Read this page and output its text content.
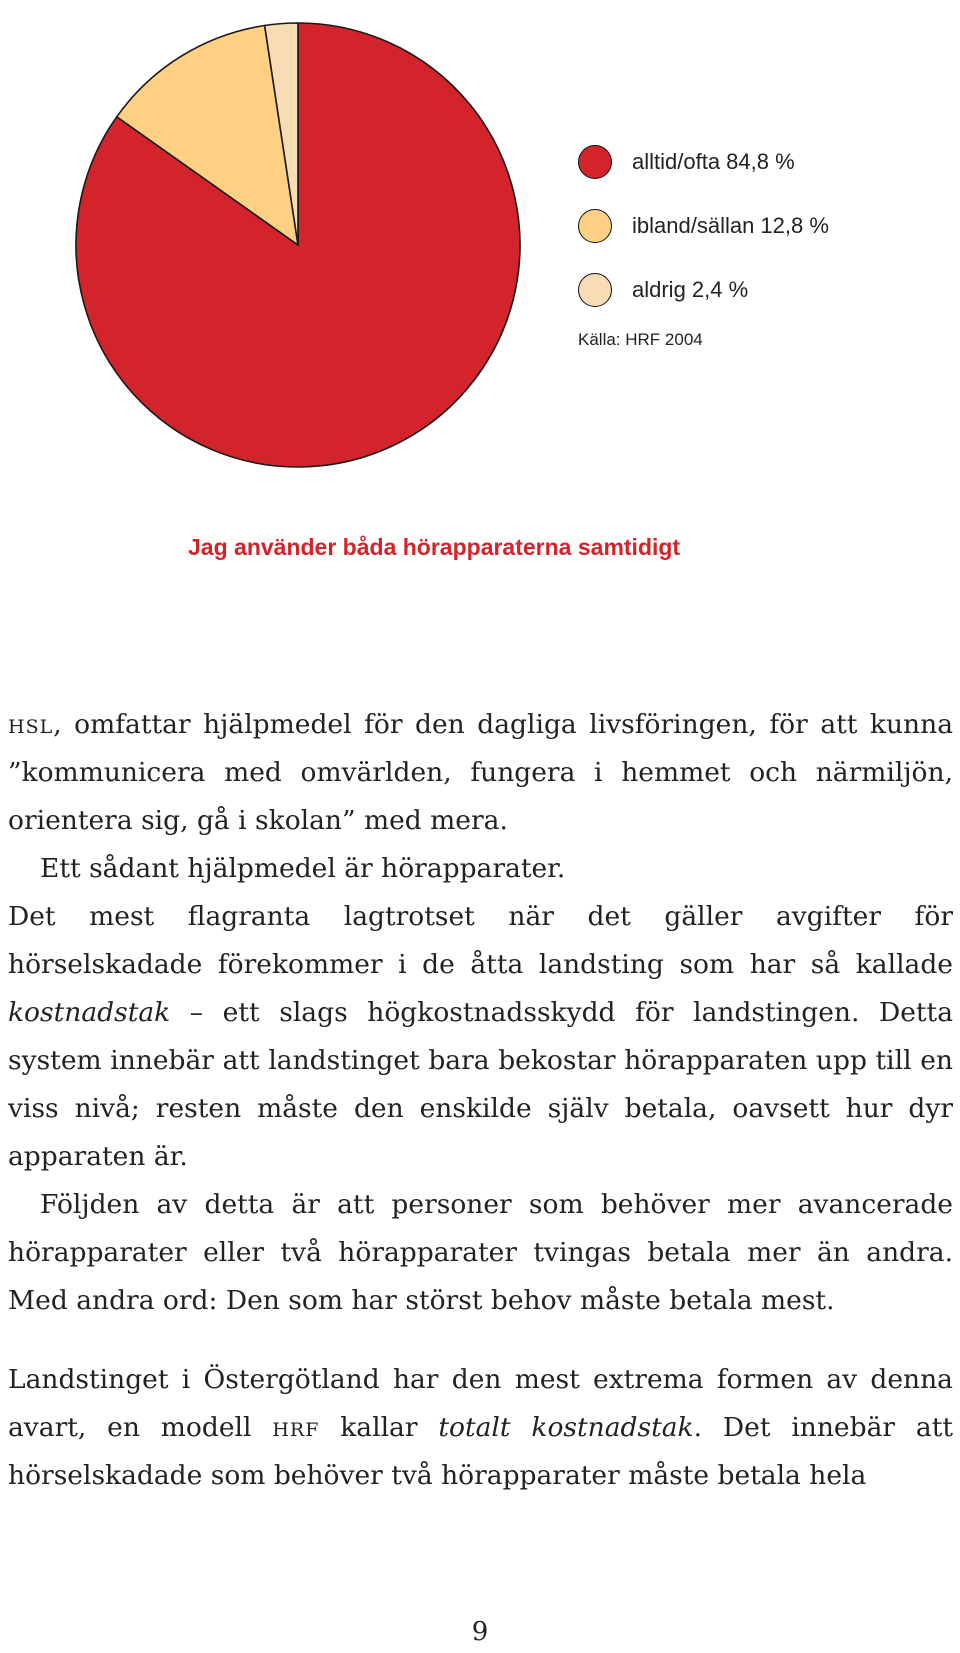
alltid/ofta 84,8 %
ibland/sällan 12,8 %
aldrig 2,4 %
Källa: HRF 2004
Jag använder båda hörapparaterna samtidigt

hsl, omfattar hjälpmedel för den dagliga livsföringen, för att kunna ”kommunicera med omvärlden, fungera i hemmet och närmiljön, orientera sig, gå i skolan” med mera.

Ett sådant hjälpmedel är hörapparater.

Det mest flagranta lagtrotset när det gäller avgifter för hörselskadade förekommer i de åtta landsting som har så kallade kostnadstak – ett slags högkostnadsskydd för landstingen. Detta system innebär att landstinget bara bekostar hörapparaten upp till en viss nivå; resten måste den enskilde själv betala, oavsett hur dyr apparaten är.

Följden av detta är att personer som behöver mer avancerade hörapparater eller två hörapparater tvingas betala mer än andra. Med andra ord: Den som har störst behov måste betala mest.

Landstinget i Östergötland har den mest extrema formen av denna avart, en modell hrf kallar totalt kostnadstak. Det innebär att hörselskadade som behöver två hörapparater måste betala hela

9
